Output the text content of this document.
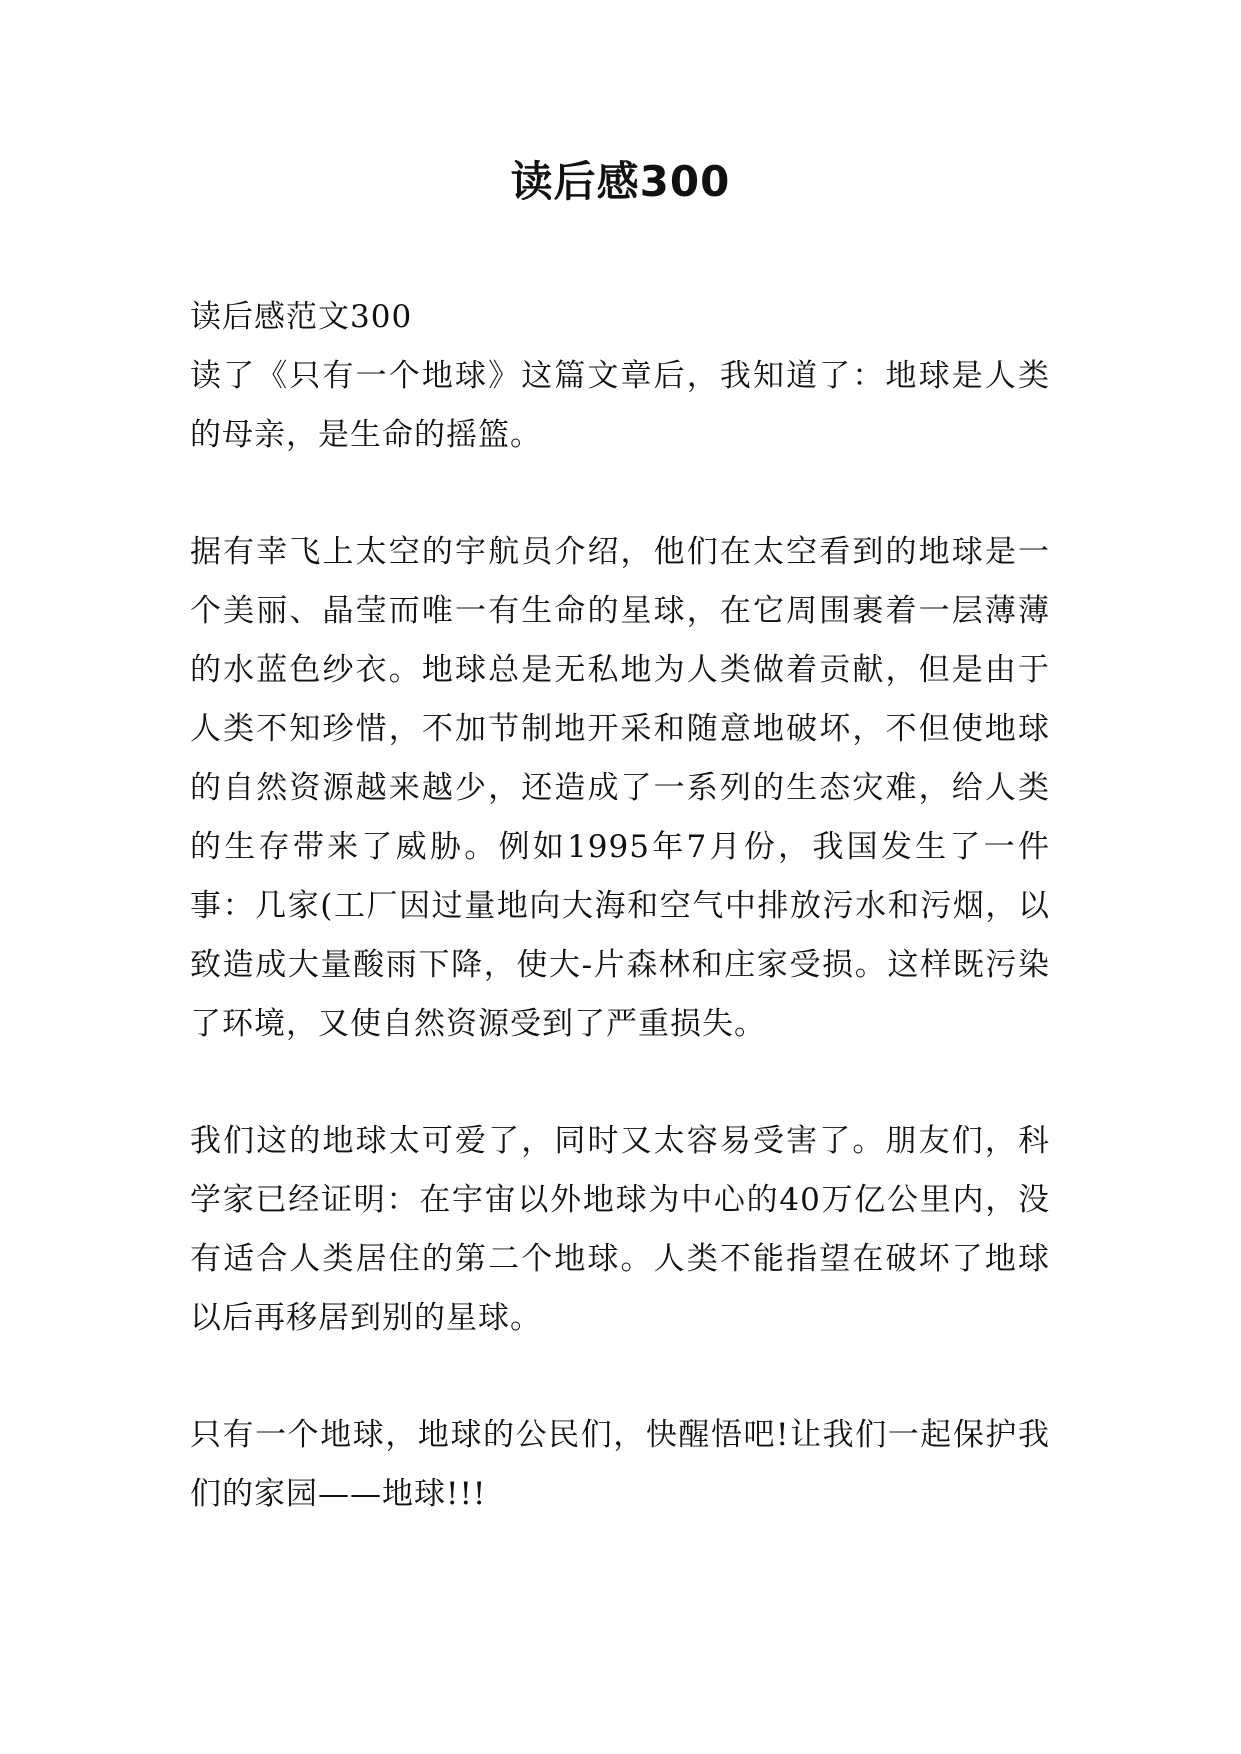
读后感300

读后感范文300

读了《只有一个地球》这篇文章后，我知道了：地球是人类的母亲，是生命的摇篮。

据有幸飞上太空的宇航员介绍，他们在太空看到的地球是一个美丽、晶莹而唯一有生命的星球，在它周围裹着一层薄薄的水蓝色纱衣。地球总是无私地为人类做着贡献，但是由于人类不知珍惜，不加节制地开采和随意地破坏，不但使地球的自然资源越来越少，还造成了一系列的生态灾难，给人类的生存带来了威胁。例如1995年7月份，我国发生了一件事：几家(工厂因过量地向大海和空气中排放污水和污烟，以致造成大量酸雨下降，使大-片森林和庄家受损。这样既污染了环境，又使自然资源受到了严重损失。

我们这的地球太可爱了，同时又太容易受害了。朋友们，科学家已经证明：在宇宙以外地球为中心的40万亿公里内，没有适合人类居住的第二个地球。人类不能指望在破坏了地球以后再移居到别的星球。

只有一个地球，地球的公民们，快醒悟吧!让我们一起保护我们的家园——地球!!!
